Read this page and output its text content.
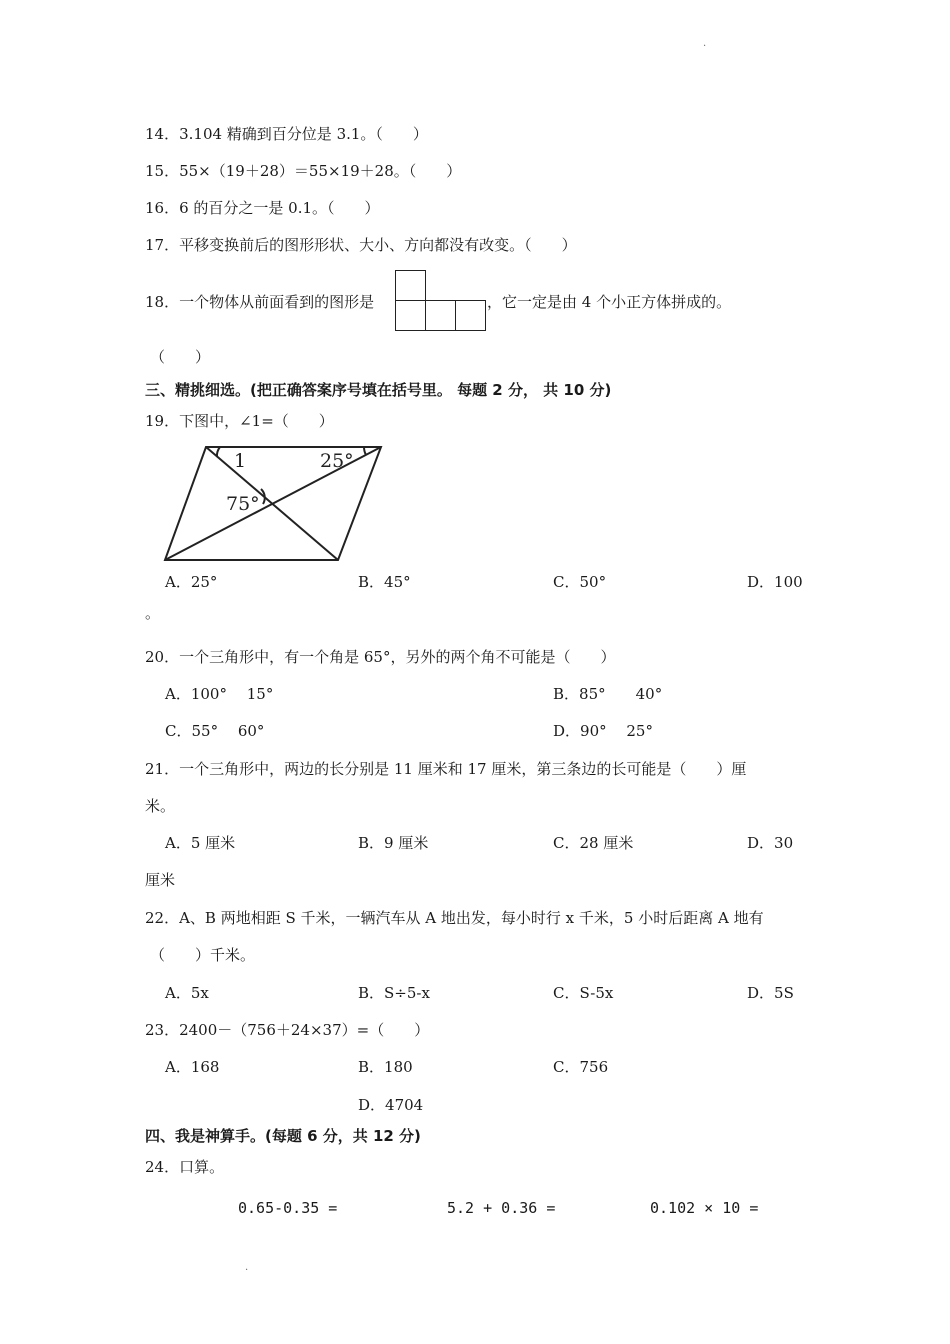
.
14．3.104 精确到百分位是 3.1。（　　）
15．55×（19＋28）＝55×19＋28。（　　）
16．6 的百分之一是 0.1。（　　）
17．平移变换前后的图形形状、大小、方向都没有改变。（　　）
18．一个物体从前面看到的图形是	，它一定是由 4 个小正方体拼成的。
（　　）
三、精挑细选。(把正确答案序号填在括号里。 每题 2 分， 共 10 分)
19．下图中，∠1=（　　）
1	25°
75°
A．25°	B．45°	C．50°	D．100
。
20．一个三角形中，有一个角是 65°，另外的两个角不可能是（　　）
A．100°　 15°	B．85°　　40°
C．55°　 60°	D．90°　 25°
21．一个三角形中，两边的长分别是 11 厘米和 17 厘米，第三条边的长可能是（　　）厘
米。
A．5 厘米	B．9 厘米	C．28 厘米	D．30
厘米
22．A、B 两地相距 S 千米，一辆汽车从 A 地出发，每小时行 x 千米，5 小时后距离 A 地有
（　　）千米。
A．5x	B．S÷5-x	C．S-5x	D．5S
23．2400－（756＋24×37）=（　　）
A．168	B．180	C．756
D．4704
四、我是神算手。(每题 6 分，共 12 分)
24．口算。
0.65-0.35 =	5.2 + 0.36 =	0.102 × 10 =
.
